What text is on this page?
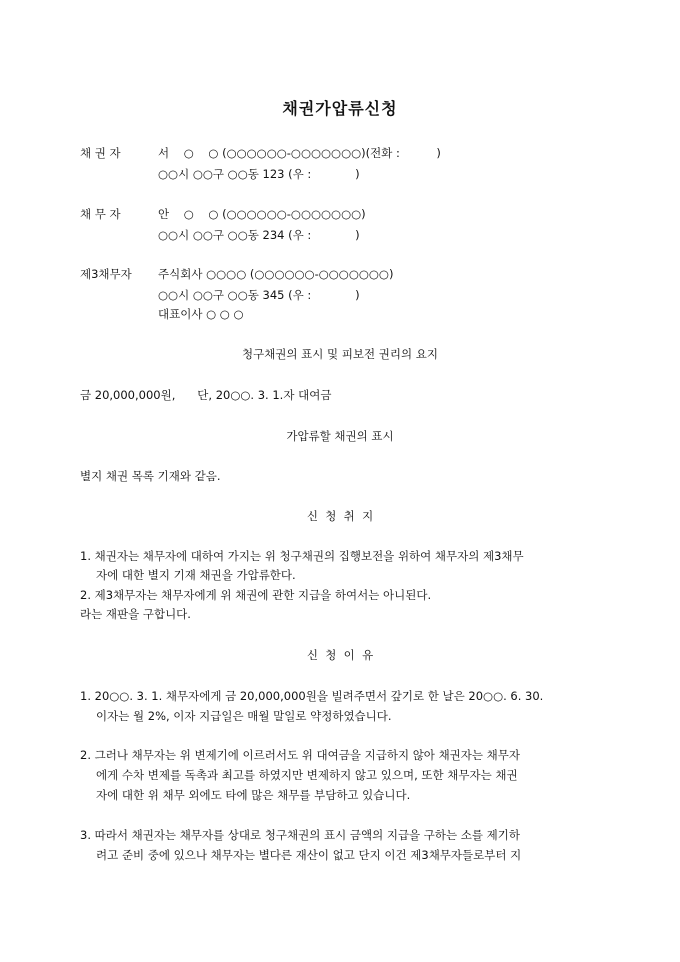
채권가압류신청
채 권 자	서    ○    ○ (○○○○○○-○○○○○○○)(전화 :          )
○○시 ○○구 ○○동 123 (우 :            )
채 무 자	안    ○    ○ (○○○○○○-○○○○○○○)
○○시 ○○구 ○○동 234 (우 :            )
제3채무자 주식회사 ○○○○ (○○○○○○-○○○○○○○)
○○시 ○○구 ○○동 345 (우 :            )
대표이사 ○ ○ ○
청구채권의 표시 및 피보전 권리의 요지
금 20,000,000원,      단, 20○○. 3. 1.자 대여금
가압류할 채권의 표시
별지 채권 목록 기재와 같음.
신  청  취  지
1. 채권자는 채무자에 대하여 가지는 위 청구채권의 집행보전을 위하여 채무자의 제3채무
자에 대한 별지 기재 채권을 가압류한다.
2. 제3채무자는 채무자에게 위 채권에 관한 지급을 하여서는 아니된다.
라는 재판을 구합니다.
신  청  이  유
1. 20○○. 3. 1. 채무자에게 금 20,000,000원을 빌려주면서 갚기로 한 날은 20○○. 6. 30.
이자는 월 2%, 이자 지급일은 매월 말일로 약정하였습니다.
2. 그러나 채무자는 위 변제기에 이르러서도 위 대여금을 지급하지 않아 채권자는 채무자
에게 수차 변제를 독촉과 최고를 하였지만 변제하지 않고 있으며, 또한 채무자는 채권
자에 대한 위 채무 외에도 타에 많은 채무를 부담하고 있습니다.
3. 따라서 채권자는 채무자를 상대로 청구채권의 표시 금액의 지급을 구하는 소를 제기하
려고 준비 중에 있으나 채무자는 별다른 재산이 없고 단지 이건 제3채무자들로부터 지
